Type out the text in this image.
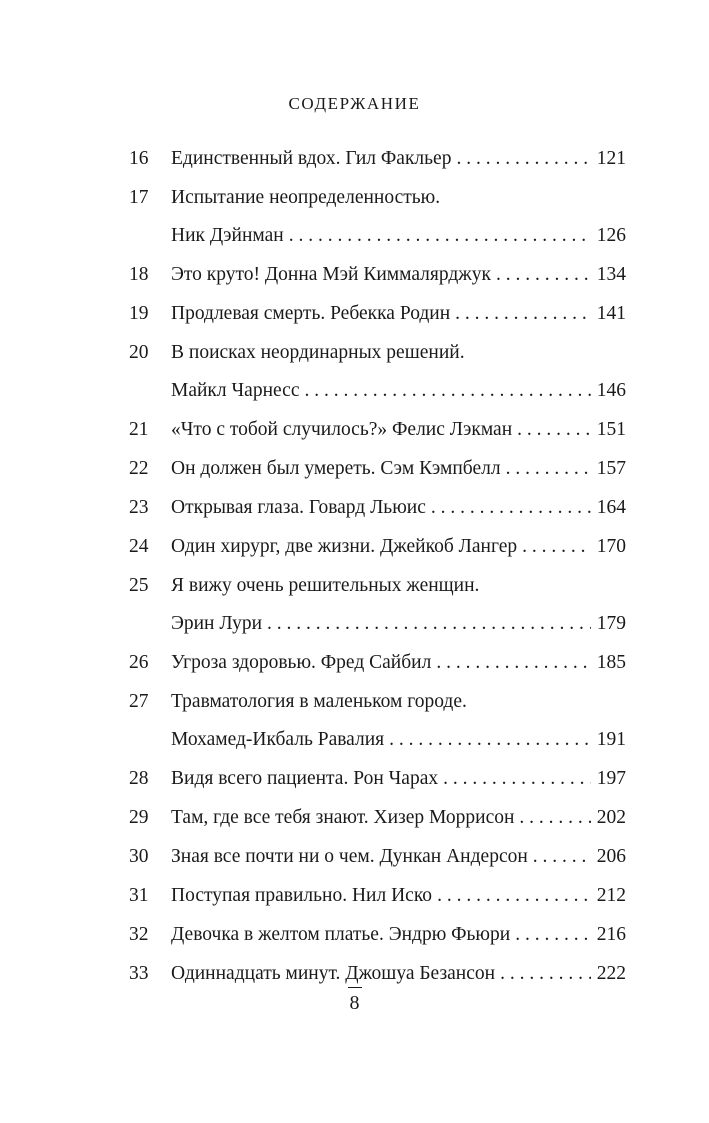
СОДЕРЖАНИЕ
16	Единственный вдох. Гил Факльер . . .	121
17	Испытание неопределенностью.
Ник Дэйнман . . .	126
18	Это круто! Донна Мэй Киммалярджук . . .	134
19	Продлевая смерть. Ребекка Родин . . .	141
20	В поисках неординарных решений.
Майкл Чарнесс . . .	146
21	«Что с тобой случилось?» Фелис Лэкман . . .	151
22	Он должен был умереть. Сэм Кэмпбелл . . .	157
23	Открывая глаза. Говард Льюис . . .	164
24	Один хирург, две жизни. Джейкоб Лангер . . .	170
25	Я вижу очень решительных женщин.
Эрин Лури . . .	179
26	Угроза здоровью. Фред Сайбил . . .	185
27	Травматология в маленьком городе.
Мохамед-Икбаль Равалия . . .	191
28	Видя всего пациента. Рон Чарах . . .	197
29	Там, где все тебя знают. Хизер Моррисон . . .	202
30	Зная все почти ни о чем. Дункан Андерсон . . .	206
31	Поступая правильно. Нил Иско . . .	212
32	Девочка в желтом платье. Эндрю Фьюри . . .	216
33	Одиннадцать минут. Джошуа Безансон . . .	222
8
